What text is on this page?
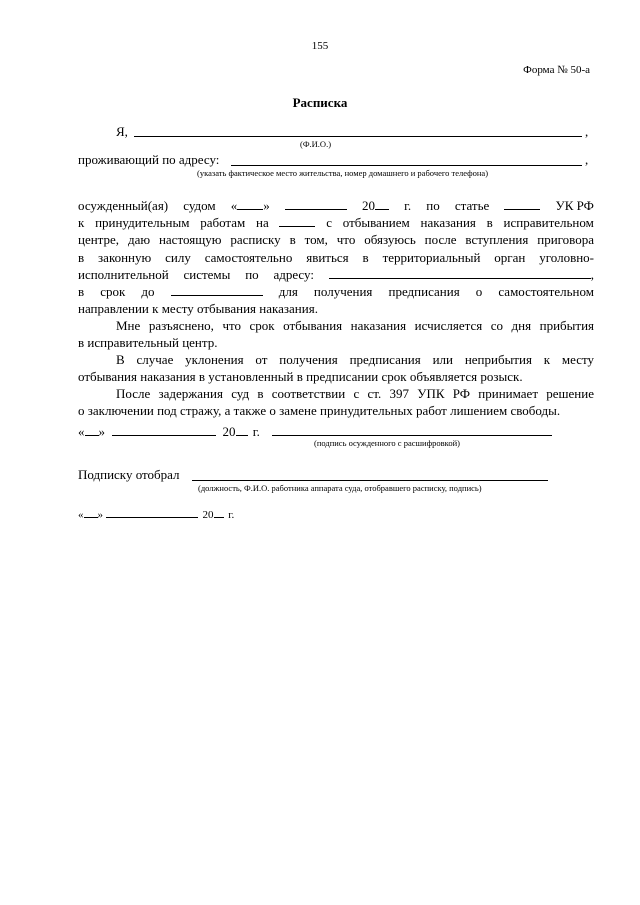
155
Форма № 50-а
Расписка
Я,	,
(Ф.И.О.)
проживающий по адресу:	,
(указать фактическое место жительства, номер домашнего и рабочего телефона)
осужденный(ая) судом « »	20	г. по статье	УК РФ
к принудительным работам на	с отбыванием наказания в исправительном
центре, даю настоящую расписку в том, что обязуюсь после вступления приговора
в законную силу самостоятельно явиться в территориальный орган уголовно-
исполнительной системы по адресу:	,
в срок до	для получения предписания о самостоятельном
направлении к месту отбывания наказания.
Мне разъяснено, что срок отбывания наказания исчисляется со дня прибытия
в исправительный центр.
В случае уклонения от получения предписания или неприбытия к месту
отбывания наказания в установленный в предписании срок объявляется розыск.
После задержания суд в соответствии с ст. 397 УПК РФ принимает решение
о заключении под стражу, а также о замене принудительных работ лишением свободы.
« »	20 г.
(подпись осужденного с расшифровкой)
Подписку отобрал
(должность, Ф.И.О. работника аппарата суда, отобравшего расписку, подпись)
« »	20 г.
